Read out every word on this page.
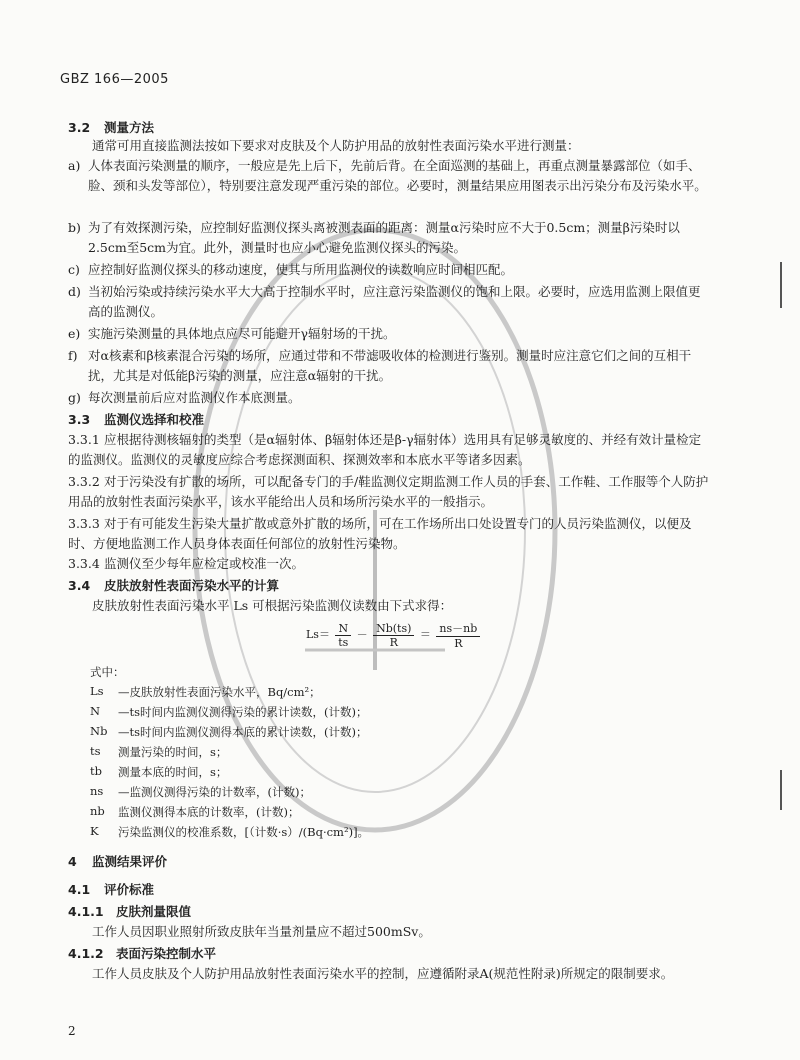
GBZ 166—2005
3.2 测量方法
通常可用直接监测法按如下要求对皮肤及个人防护用品的放射性表面污染水平进行测量：
a) 人体表面污染测量的顺序，一般应是先上后下，先前后背。在全面巡测的基础上，再重点测量暴露部位（如手、脸、颈和头发等部位），特别要注意发现严重污染的部位。必要时，测量结果应用图表示出污染分布及污染水平。
b) 为了有效探测污染，应控制好监测仪探头离被测表面的距离：测量α污染时应不大于0.5cm；测量β污染时以2.5cm至5cm为宜。此外，测量时也应小心避免监测仪探头的污染。
c) 应控制好监测仪探头的移动速度，使其与所用监测仪的读数响应时间相匹配。
d) 当初始污染或持续污染水平大大高于控制水平时，应注意污染监测仪的饱和上限。必要时，应选用监测上限值更高的监测仪。
e) 实施污染测量的具体地点应尽可能避开γ辐射场的干扰。
f) 对α核素和β核素混合污染的场所，应通过带和不带滤吸收体的检测进行鉴别。测量时应注意它们之间的互相干扰，尤其是对低能β污染的测量，应注意α辐射的干扰。
g) 每次测量前后应对监测仪作本底测量。
3.3 监测仪选择和校准
3.3.1 应根据待测核辐射的类型（是α辐射体、β辐射体还是β-γ辐射体）选用具有足够灵敏度的、并经有效计量检定的监测仪。监测仪的灵敏度应综合考虑探测面积、探测效率和本底水平等诸多因素。
3.3.2 对于污染没有扩散的场所，可以配备专门的手/鞋监测仪定期监测工作人员的手套、工作鞋、工作服等个人防护用品的放射性表面污染水平，该水平能给出人员和场所污染水平的一般指示。
3.3.3 对于有可能发生污染大量扩散或意外扩散的场所，可在工作场所出口处设置专门的人员污染监测仪，以便及时、方便地监测工作人员身体表面任何部位的放射性污染物。
3.3.4 监测仪至少每年应检定或校准一次。
3.4 皮肤放射性表面污染水平的计算
皮肤放射性表面污染水平 Ls 可根据污染监测仪读数由下式求得：
$Ls= \frac{N}{ts} - \frac{Nb(ts)}{R} = \frac{ns-nb}{R}$
式中：
Ls	—皮肤放射性表面污染水平，Bq/cm²；
N	—ts时间内监测仪测得污染的累计读数，(计数)；
Nb —ts时间内监测仪测得本底的累计读数，(计数)；
ts	测量污染的时间，s；
tb	测量本底的时间，s；
ns	—监测仪测得污染的计数率，(计数)；
nb	监测仪测得本底的计数率，(计数)；
K	污染监测仪的校准系数，[（计数·s）/(Bq·cm²)]。
4 监测结果评价
4.1 评价标准
4.1.1 皮肤剂量限值
工作人员因职业照射所致皮肤年当量剂量应不超过500mSv。
4.1.2 表面污染控制水平
工作人员皮肤及个人防护用品放射性表面污染水平的控制，应遵循附录A(规范性附录)所规定的限制要求。
2
